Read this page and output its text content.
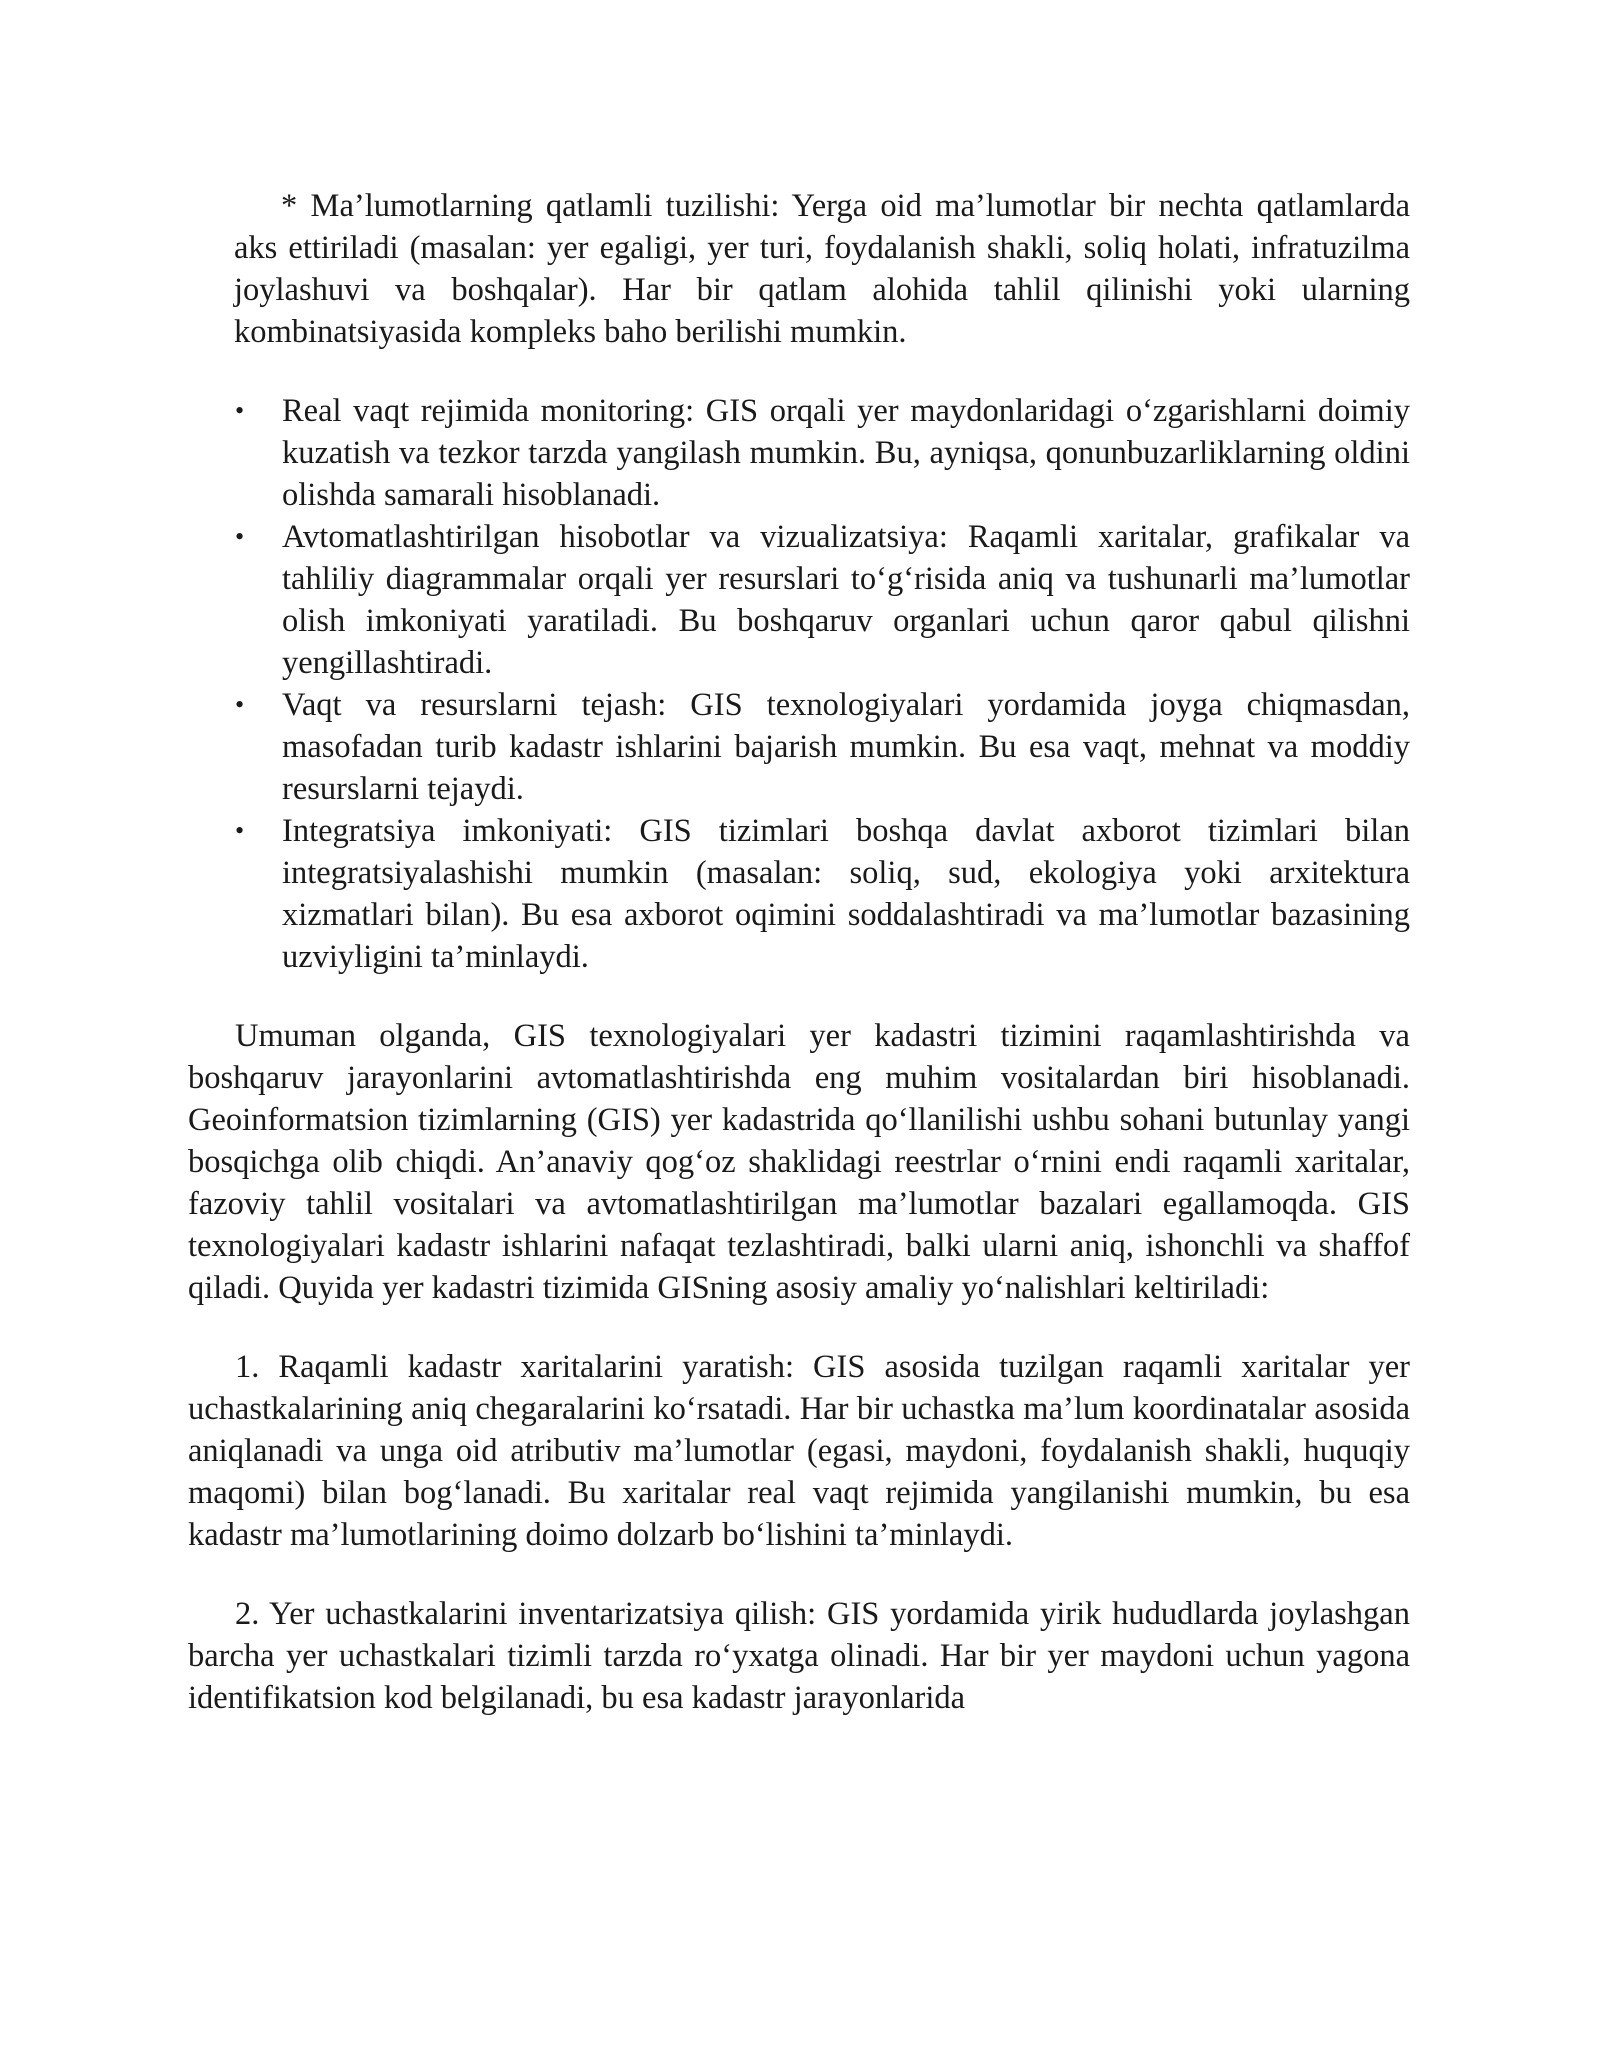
* Ma’lumotlarning qatlamli tuzilishi: Yerga oid ma’lumotlar bir nechta qatlamlarda aks ettiriladi (masalan: yer egaligi, yer turi, foydalanish shakli, soliq holati, infratuzilma joylashuvi va boshqalar). Har bir qatlam alohida tahlil qilinishi yoki ularning kombinatsiyasida kompleks baho berilishi mumkin.

• Real vaqt rejimida monitoring: GIS orqali yer maydonlaridagi o‘zgarishlarni doimiy kuzatish va tezkor tarzda yangilash mumkin. Bu, ayniqsa, qonunbuzarliklarning oldini olishda samarali hisoblanadi.
• Avtomatlashtirilgan hisobotlar va vizualizatsiya: Raqamli xaritalar, grafikalar va tahliliy diagrammalar orqali yer resurslari to‘g‘risida aniq va tushunarli ma’lumotlar olish imkoniyati yaratiladi. Bu boshqaruv organlari uchun qaror qabul qilishni yengillashtiradi.
• Vaqt va resurslarni tejash: GIS texnologiyalari yordamida joyga chiqmasdan, masofadan turib kadastr ishlarini bajarish mumkin. Bu esa vaqt, mehnat va moddiy resurslarni tejaydi.
• Integratsiya imkoniyati: GIS tizimlari boshqa davlat axborot tizimlari bilan integratsiyalashishi mumkin (masalan: soliq, sud, ekologiya yoki arxitektura xizmatlari bilan). Bu esa axborot oqimini soddalashtiradi va ma’lumotlar bazasining uzviyligini ta’minlaydi.

Umuman olganda, GIS texnologiyalari yer kadastri tizimini raqamlashtirishda va boshqaruv jarayonlarini avtomatlashtirishda eng muhim vositalardan biri hisoblanadi. Geoinformatsion tizimlarning (GIS) yer kadastrida qo‘llanilishi ushbu sohani butunlay yangi bosqichga olib chiqdi. An’anaviy qog‘oz shaklidagi reestrlar o‘rnini endi raqamli xaritalar, fazoviy tahlil vositalari va avtomatlashtirilgan ma’lumotlar bazalari egallamoqda. GIS texnologiyalari kadastr ishlarini nafaqat tezlashtiradi, balki ularni aniq, ishonchli va shaffof qiladi. Quyida yer kadastri tizimida GISning asosiy amaliy yo‘nalishlari keltiriladi:

1. Raqamli kadastr xaritalarini yaratish: GIS asosida tuzilgan raqamli xaritalar yer uchastkalarining aniq chegaralarini ko‘rsatadi. Har bir uchastka ma’lum koordinatalar asosida aniqlanadi va unga oid atributiv ma’lumotlar (egasi, maydoni, foydalanish shakli, huquqiy maqomi) bilan bog‘lanadi. Bu xaritalar real vaqt rejimida yangilanishi mumkin, bu esa kadastr ma’lumotlarining doimo dolzarb bo‘lishini ta’minlaydi.

2. Yer uchastkalarini inventarizatsiya qilish: GIS yordamida yirik hududlarda joylashgan barcha yer uchastkalari tizimli tarzda ro‘yxatga olinadi. Har bir yer maydoni uchun yagona identifikatsion kod belgilanadi, bu esa kadastr jarayonlarida
